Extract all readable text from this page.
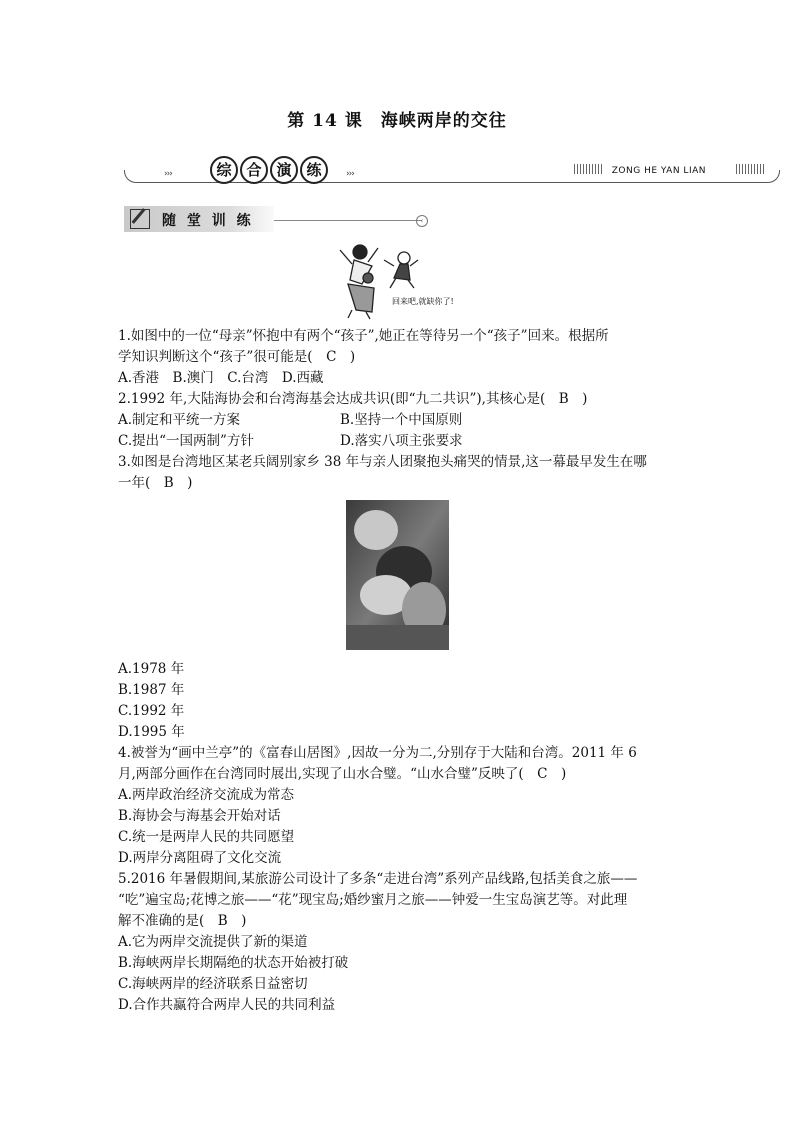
第 14 课　海峡两岸的交往
›››	综 合 演 练	›››	ZONG HE YAN LIAN
随 堂 训 练	‹
回来吧,就缺你了!
1.如图中的一位“母亲”怀抱中有两个“孩子”,她正在等待另一个“孩子”回来。根据所
学知识判断这个“孩子”很可能是(　C　)
A.香港　B.澳门　C.台湾　D.西藏
2.1992 年,大陆海协会和台湾海基会达成共识(即“九二共识”),其核心是(　B　)
A.制定和平统一方案	B.坚持一个中国原则
C.提出“一国两制”方针	D.落实八项主张要求
3.如图是台湾地区某老兵阔别家乡 38 年与亲人团聚抱头痛哭的情景,这一幕最早发生在哪
一年(　B　)
A.1978 年
B.1987 年
C.1992 年
D.1995 年
4.被誉为“画中兰亭”的《富春山居图》,因故一分为二,分别存于大陆和台湾。2011 年 6
月,两部分画作在台湾同时展出,实现了山水合璧。“山水合璧”反映了(　C　)
A.两岸政治经济交流成为常态
B.海协会与海基会开始对话
C.统一是两岸人民的共同愿望
D.两岸分离阻碍了文化交流
5.2016 年暑假期间,某旅游公司设计了多条“走进台湾”系列产品线路,包括美食之旅——
“吃”遍宝岛;花博之旅——“花”现宝岛;婚纱蜜月之旅——钟爱一生宝岛演艺等。对此理
解不准确的是(　B　)
A.它为两岸交流提供了新的渠道
B.海峡两岸长期隔绝的状态开始被打破
C.海峡两岸的经济联系日益密切
D.合作共赢符合两岸人民的共同利益
